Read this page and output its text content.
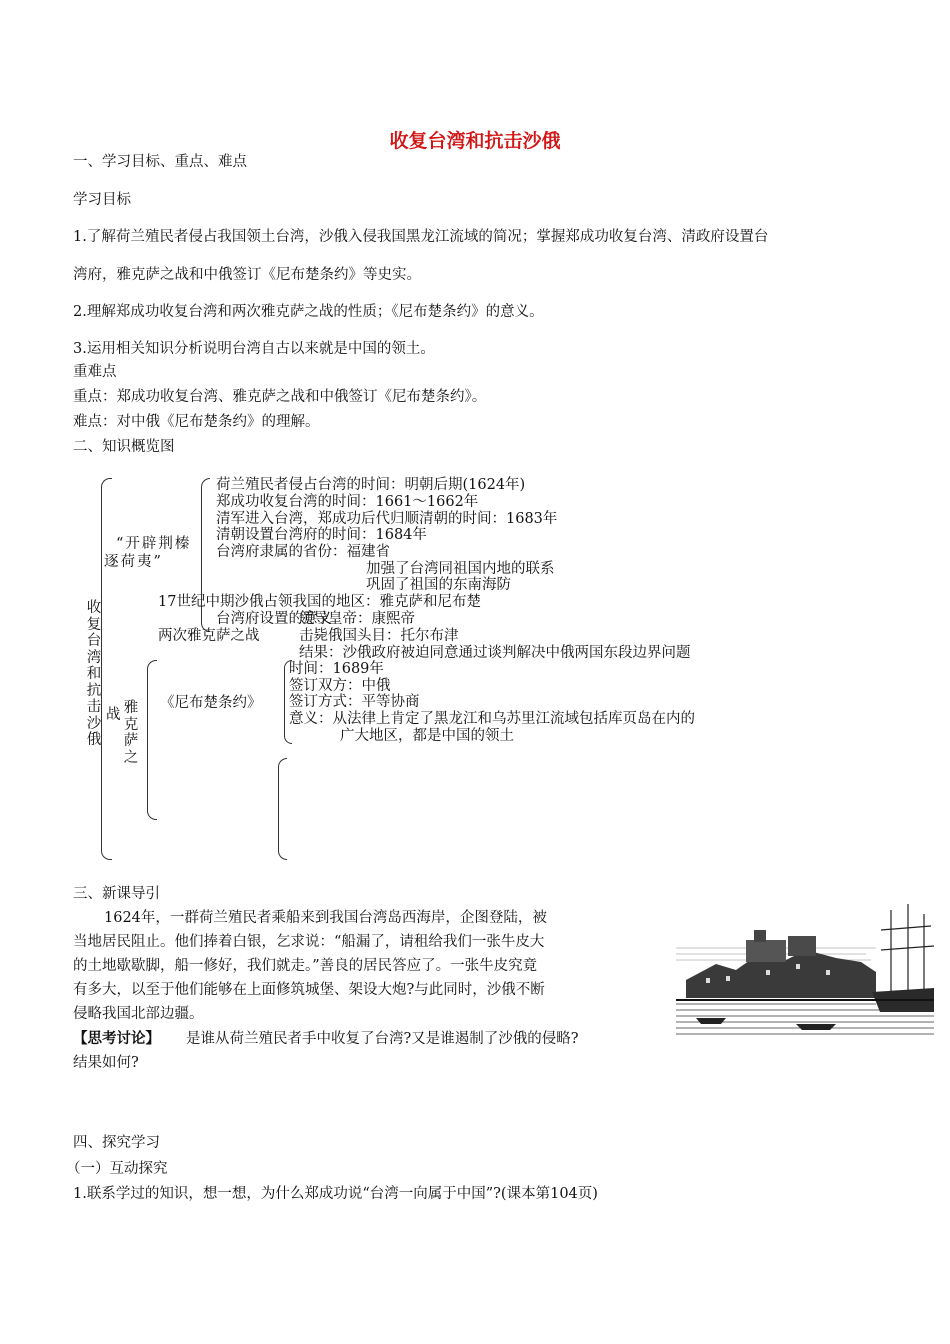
收复台湾和抗击沙俄
一、学习目标、重点、难点
学习目标
1.了解荷兰殖民者侵占我国领土台湾，沙俄入侵我国黑龙江流域的简况；掌握郑成功收复台湾、清政府设置台
湾府，雅克萨之战和中俄签订《尼布楚条约》等史实。
2.理解郑成功收复台湾和两次雅克萨之战的性质；《尼布楚条约》的意义。
3.运用相关知识分析说明台湾自古以来就是中国的领土。
重难点
重点：郑成功收复台湾、雅克萨之战和中俄签订《尼布楚条约》。
难点：对中俄《尼布楚条约》的理解。
二、知识概览图
收复台湾和抗击沙俄
“开辟荆榛
逐荷夷”
荷兰殖民者侵占台湾的时间：明朝后期(1624年)
郑成功收复台湾的时间：1661～1662年
清军进入台湾，郑成功后代归顺清朝的时间：1683年
清朝设置台湾府的时间：1684年
台湾府隶属的省份：福建省
加强了台湾同祖国内地的联系
巩固了祖国的东南海防
17世纪中期沙俄占领我国的地区：雅克萨和尼布楚
台湾府设置的意义
领导皇帝：康熙帝
两次雅克萨之战	击毙俄国头目：托尔布津
结果：沙俄政府被迫同意通过谈判解决中俄两国东段边界问题
战 雅克萨之
《尼布楚条约》
时间：1689年
签订双方：中俄
签订方式：平等协商
意义：从法律上肯定了黑龙江和乌苏里江流域包括库页岛在内的
广大地区，都是中国的领土
三、新课导引
1624年，一群荷兰殖民者乘船来到我国台湾岛西海岸，企图登陆，被
当地居民阻止。他们捧着白银，乞求说：“船漏了，请租给我们一张牛皮大
的土地歇歇脚，船一修好，我们就走。”善良的居民答应了。一张牛皮究竟
有多大，以至于他们能够在上面修筑城堡、架设大炮?与此同时，沙俄不断
侵略我国北部边疆。
【思考讨论】 是谁从荷兰殖民者手中收复了台湾?又是谁遏制了沙俄的侵略?
结果如何?
四、探究学习
（一）互动探究
1.联系学过的知识，想一想，为什么郑成功说“台湾一向属于中国”?(课本第104页)
